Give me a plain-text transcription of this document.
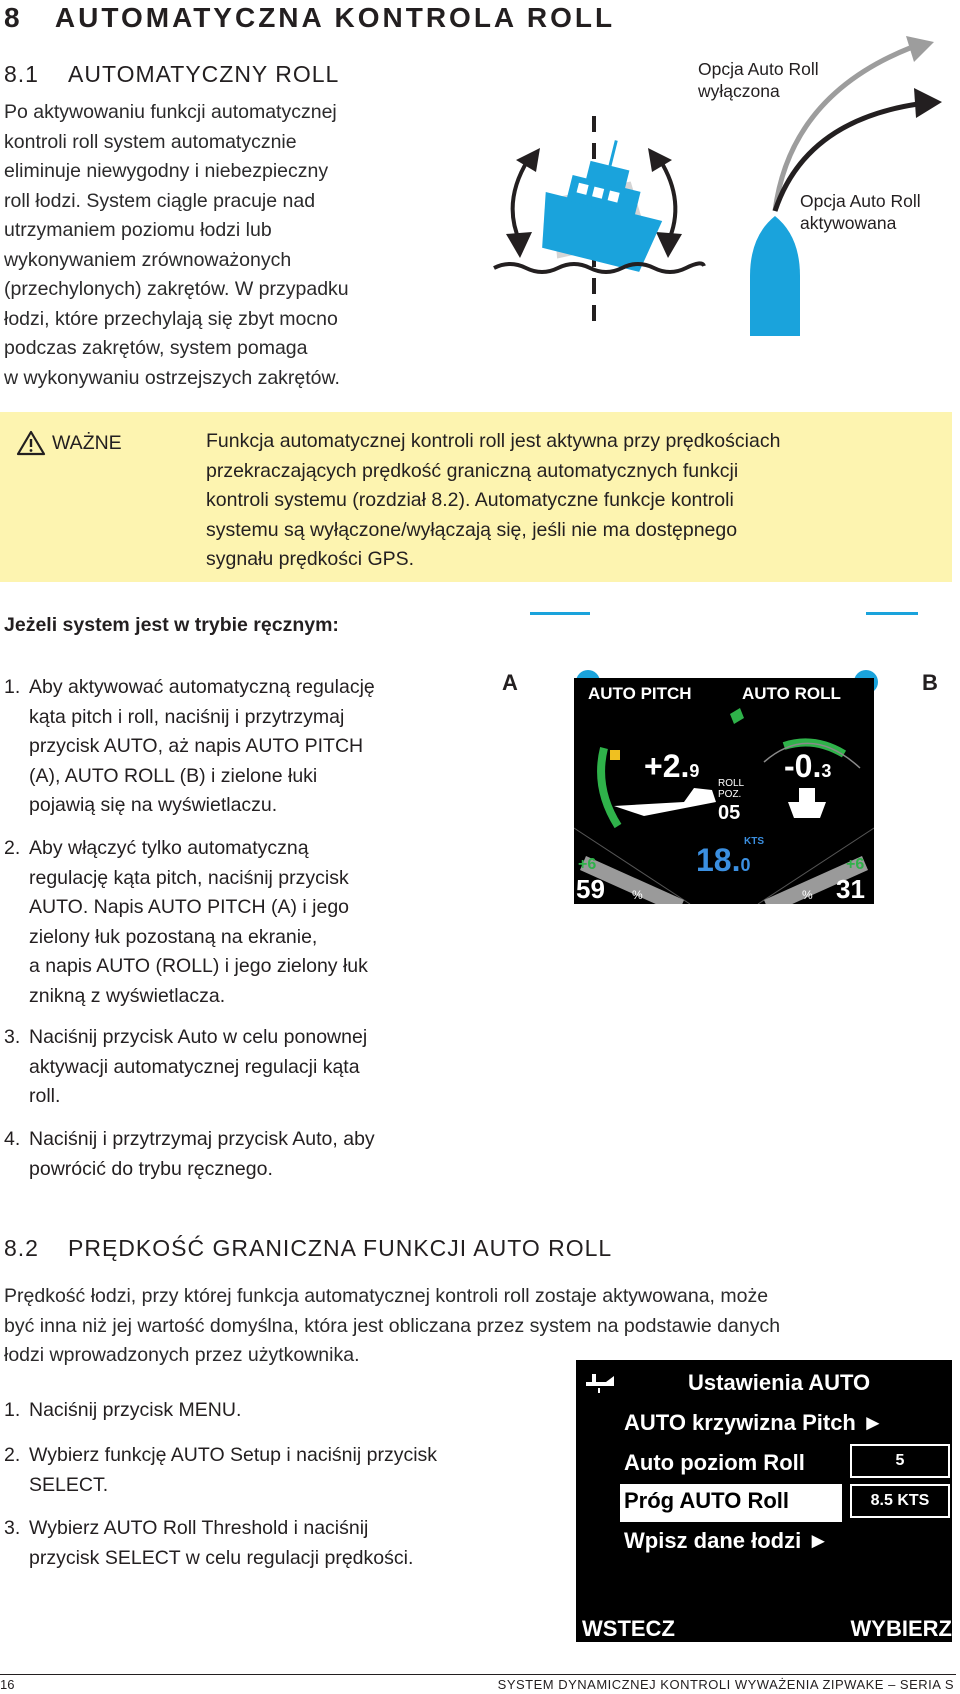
8 AUTOMATYCZNA KONTROLA ROLL
8.1 AUTOMATYCZNY ROLL
Po aktywowaniu funkcji automatycznej
kontroli roll system automatycznie
eliminuje niewygodny i niebezpieczny
roll łodzi. System ciągle pracuje nad
utrzymaniem poziomu łodzi lub
wykonywaniem zrównoważonych
(przechylonych) zakrętów. W przypadku
łodzi, które przechylają się zbyt mocno
podczas zakrętów, system pomaga
w wykonywaniu ostrzejszych zakrętów.
Opcja Auto Roll
wyłączona
Opcja Auto Roll
aktywowana
WAŻNE	Funkcja automatycznej kontroli roll jest aktywna przy prędkościach
przekraczających prędkość graniczną automatycznych funkcji
kontroli systemu (rozdział 8.2). Automatyczne funkcje kontroli
systemu są wyłączone/wyłączają się, jeśli nie ma dostępnego
sygnału prędkości GPS.
Jeżeli system jest w trybie ręcznym:
1. Aby aktywować automatyczną regulację
kąta pitch i roll, naciśnij i przytrzymaj
przycisk AUTO, aż napis AUTO PITCH
(A), AUTO ROLL (B) i zielone łuki
pojawią się na wyświetlaczu.
2. Aby włączyć tylko automatyczną
regulację kąta pitch, naciśnij przycisk
AUTO. Napis AUTO PITCH (A) i jego
zielony łuk pozostaną na ekranie,
a napis AUTO (ROLL) i jego zielony łuk
znikną z wyświetlacza.
3. Naciśnij przycisk Auto w celu ponownej
aktywacji automatycznej regulacji kąta
roll.
4. Naciśnij i przytrzymaj przycisk Auto, aby
powrócić do trybu ręcznego.
A	B
AUTO PITCH	AUTO ROLL
+2.9	-0.3
ROLL
POZ.
05
KTS
18.0
+6
59 %
+6
31
%
8.2 PRĘDKOŚĆ GRANICZNA FUNKCJI AUTO ROLL
Prędkość łodzi, przy której funkcja automatycznej kontroli roll zostaje aktywowana, może
być inna niż jej wartość domyślna, która jest obliczana przez system na podstawie danych
łodzi wprowadzonych przez użytkownika.
1. Naciśnij przycisk MENU.
2. Wybierz funkcję AUTO Setup i naciśnij przycisk
SELECT.
3. Wybierz AUTO Roll Threshold i naciśnij
przycisk SELECT w celu regulacji prędkości.
Ustawienia AUTO
AUTO krzywizna Pitch ►
Auto poziom Roll	5
Próg AUTO Roll	8.5 KTS
Wpisz dane łodzi ►
WSTECZ	WYBIERZ
16	SYSTEM DYNAMICZNEJ KONTROLI WYWAŻENIA ZIPWAKE – SERIA S
